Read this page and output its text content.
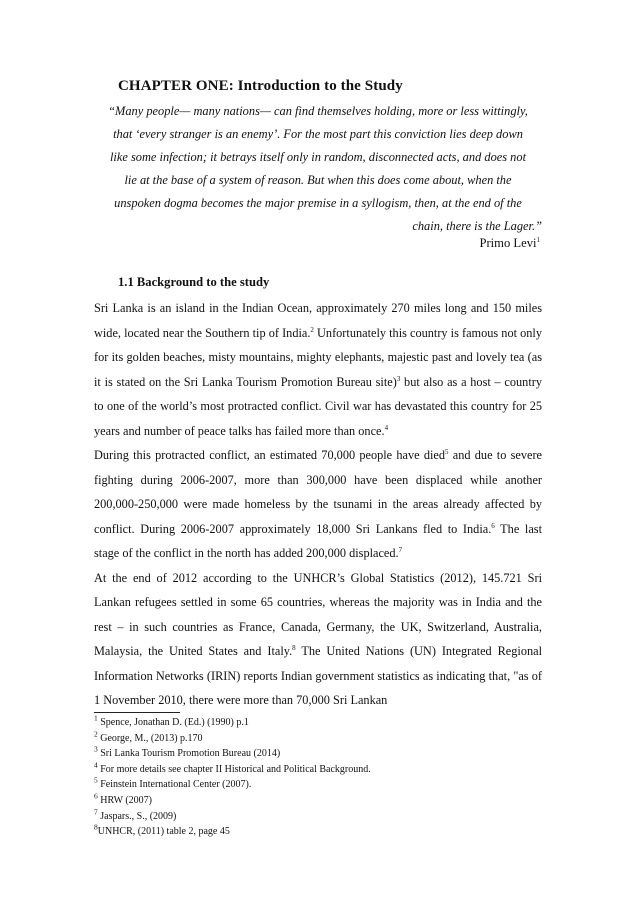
CHAPTER ONE: Introduction to the Study
“Many people— many nations— can find themselves holding, more or less wittingly,
that ‘every stranger is an enemy’. For the most part this conviction lies deep down
like some infection; it betrays itself only in random, disconnected acts, and does not
lie at the base of a system of reason. But when this does come about, when the
unspoken dogma becomes the major premise in a syllogism, then, at the end of the
chain, there is the Lager.”
Primo Levi$^1$
1.1 Background to the study

Sri Lanka is an island in the Indian Ocean, approximately 270 miles long and 150 miles wide, located near the Southern tip of India.$^2$ Unfortunately this country is famous not only for its golden beaches, misty mountains, mighty elephants, majestic past and lovely tea (as it is stated on the Sri Lanka Tourism Promotion Bureau site)$^3$ but also as a host – country to one of the world’s most protracted conflict. Civil war has devastated this country for 25 years and number of peace talks has failed more than once.$^4$

During this protracted conflict, an estimated 70,000 people have died$^5$ and due to severe fighting during 2006-2007, more than 300,000 have been displaced while another 200,000-250,000 were made homeless by the tsunami in the areas already affected by conflict. During 2006-2007 approximately 18,000 Sri Lankans fled to India.$^6$ The last stage of the conflict in the north has added 200,000 displaced.$^7$

At the end of 2012 according to the UNHCR’s Global Statistics (2012), 145.721 Sri Lankan refugees settled in some 65 countries, whereas the majority was in India and the rest – in such countries as France, Canada, Germany, the UK, Switzerland, Australia, Malaysia, the United States and Italy.$^8$ The United Nations (UN) Integrated Regional Information Networks (IRIN) reports Indian government statistics as indicating that, "as of 1 November 2010, there were more than 70,000 Sri Lankan

$^1$ Spence, Jonathan D. (Ed.) (1990) p.1
$^2$ George, M., (2013) p.170
$^3$ Sri Lanka Tourism Promotion Bureau (2014)
$^4$ For more details see chapter II Historical and Political Background.
$^5$ Feinstein International Center (2007).
$^6$ HRW (2007)
$^7$ Jaspars., S., (2009)
$^8$UNHCR, (2011) table 2, page 45
